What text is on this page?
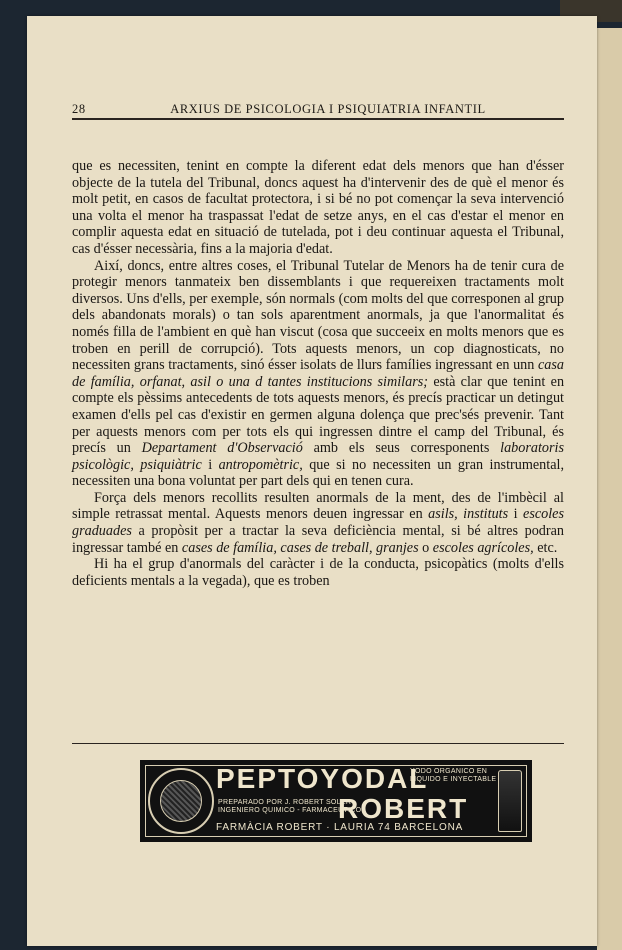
28	ARXIUS DE PSICOLOGIA I PSIQUIATRIA INFANTIL

que es necessiten, tenint en compte la diferent edat dels menors que han d'ésser objecte de la tutela del Tribunal, doncs aquest ha d'intervenir des de què el menor és molt petit, en casos de facultat protectora, i si bé no pot començar la seva intervenció una volta el menor ha traspassat l'edat de setze anys, en el cas d'estar el menor en complir aquesta edat en situació de tutelada, pot i deu continuar aquesta el Tribunal, cas d'ésser necessària, fins a la majoria d'edat.

Així, doncs, entre altres coses, el Tribunal Tutelar de Menors ha de tenir cura de protegir menors tanmateix ben dissemblants i que requereixen tractaments molt diversos. Uns d'ells, per exemple, són normals (com molts del que corresponen al grup dels abandonats morals) o tan sols aparentment anormals, ja que l'anormalitat és només filla de l'ambient en què han viscut (cosa que succeeix en molts menors que es troben en perill de corrupció). Tots aquests menors, un cop diagnosticats, no necessiten grans tractaments, sinó ésser isolats de llurs famílies ingressant en unn casa de família, orfanat, asil o una d tantes institucions similars; està clar que tenint en compte els pèssims antecedents de tots aquests menors, és precís practicar un detingut examen d'ells pel cas d'existir en germen alguna dolença que prec'sés prevenir. Tant per aquests menors com per tots els qui ingressen dintre el camp del Tribunal, és precís un Departament d'Observació amb els seus corresponents laboratoris psicològic, psiquiàtric i antropomètric, que si no necessiten un gran instrumental, necessiten una bona voluntat per part dels qui en tenen cura.

Força dels menors recollits resulten anormals de la ment, des de l'imbècil al simple retrassat mental. Aquests menors deuen ingressar en asils, instituts i escoles graduades a propòsit per a tractar la seva deficiència mental, si bé altres podran ingressar també en cases de família, cases de treball, granjes o escoles agrícoles, etc.

Hi ha el grup d'anormals del caràcter i de la conducta, psicopàtics (molts d'ells deficients mentals a la vegada), que es troben

PEPTOYODAL
YODO ORGANICO EN
LIQUIDO E INYECTABLE
PREPARADO POR J. ROBERT SOLER
INGENIERO QUIMICO - FARMACEUTICO
ROBERT
FARMÀCIA ROBERT · LAURIA 74 BARCELONA
